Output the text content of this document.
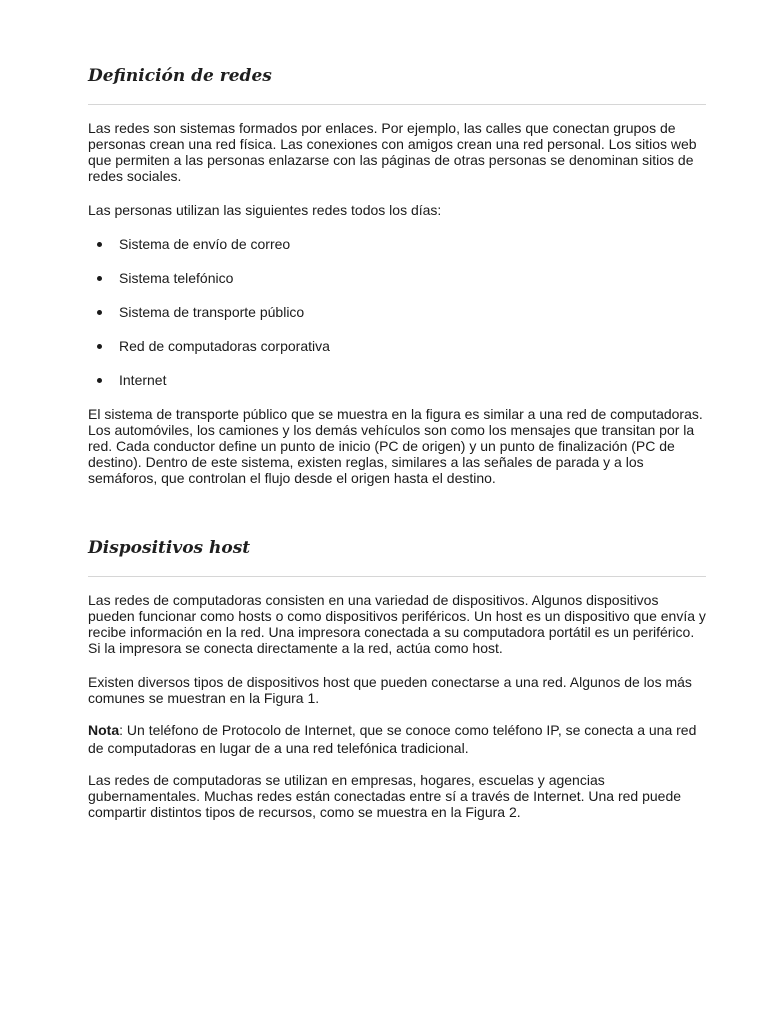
Definición de redes

Las redes son sistemas formados por enlaces. Por ejemplo, las calles que conectan grupos de personas crean una red física. Las conexiones con amigos crean una red personal. Los sitios web que permiten a las personas enlazarse con las páginas de otras personas se denominan sitios de redes sociales.

Las personas utilizan las siguientes redes todos los días:

Sistema de envío de correo
Sistema telefónico
Sistema de transporte público
Red de computadoras corporativa
Internet

El sistema de transporte público que se muestra en la figura es similar a una red de computadoras. Los automóviles, los camiones y los demás vehículos son como los mensajes que transitan por la red. Cada conductor define un punto de inicio (PC de origen) y un punto de finalización (PC de destino). Dentro de este sistema, existen reglas, similares a las señales de parada y a los semáforos, que controlan el flujo desde el origen hasta el destino.

Dispositivos host

Las redes de computadoras consisten en una variedad de dispositivos. Algunos dispositivos pueden funcionar como hosts o como dispositivos periféricos. Un host es un dispositivo que envía y recibe información en la red. Una impresora conectada a su computadora portátil es un periférico. Si la impresora se conecta directamente a la red, actúa como host.

Existen diversos tipos de dispositivos host que pueden conectarse a una red. Algunos de los más comunes se muestran en la Figura 1.

Nota: Un teléfono de Protocolo de Internet, que se conoce como teléfono IP, se conecta a una red de computadoras en lugar de a una red telefónica tradicional.

Las redes de computadoras se utilizan en empresas, hogares, escuelas y agencias gubernamentales. Muchas redes están conectadas entre sí a través de Internet. Una red puede compartir distintos tipos de recursos, como se muestra en la Figura 2.
